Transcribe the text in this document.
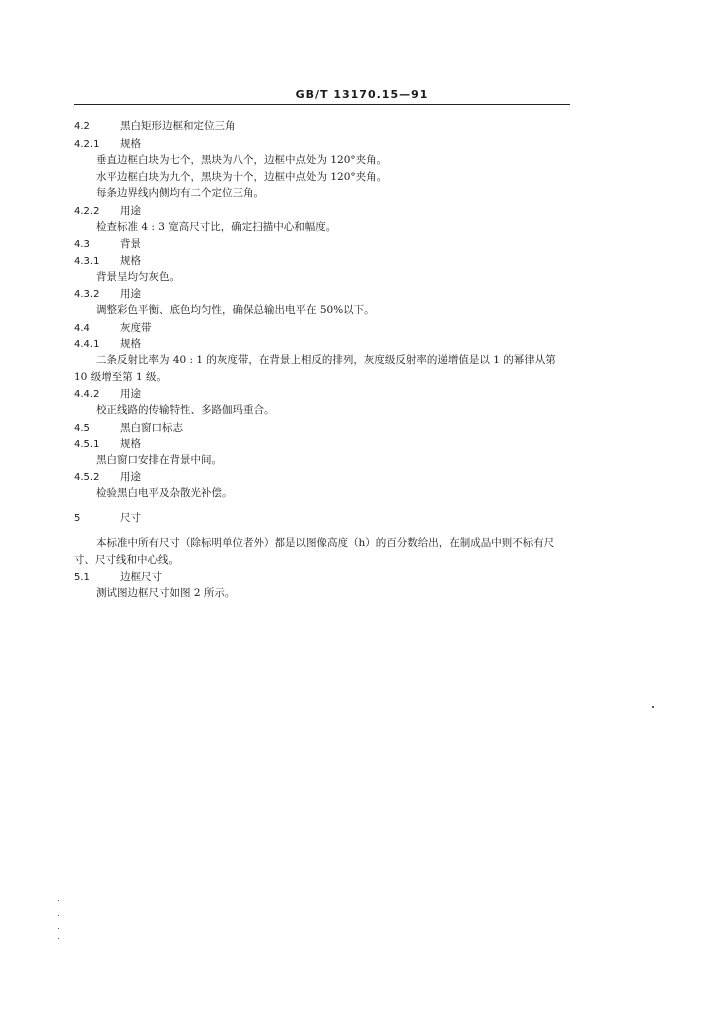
GB/T 13170.15—91
4.2	黑白矩形边框和定位三角
4.2.1 规格
垂直边框白块为七个，黑块为八个，边框中点处为 120°夹角。
水平边框白块为九个，黑块为十个，边框中点处为 120°夹角。
每条边界线内侧均有二个定位三角。
4.2.2 用途
检查标准 4 : 3 宽高尺寸比，确定扫描中心和幅度。
4.3	背景
4.3.1 规格
背景呈均匀灰色。
4.3.2 用途
调整彩色平衡、底色均匀性，确保总输出电平在 50%以下。
4.4	灰度带
4.4.1 规格
二条反射比率为 40 : 1 的灰度带，在背景上相反的排列，灰度级反射率的递增值是以 1 的幂律从第
10 级增至第 1 级。
4.4.2 用途
校正线路的传输特性、多路伽玛重合。
4.5	黑白窗口标志
4.5.1 规格
黑白窗口安排在背景中间。
4.5.2 用途
检验黑白电平及杂散光补偿。
5	尺寸
本标准中所有尺寸（除标明单位者外）都是以图像高度（h）的百分数给出，在制成品中则不标有尺
寸、尺寸线和中心线。
5.1	边框尺寸
测试图边框尺寸如图 2 所示。
